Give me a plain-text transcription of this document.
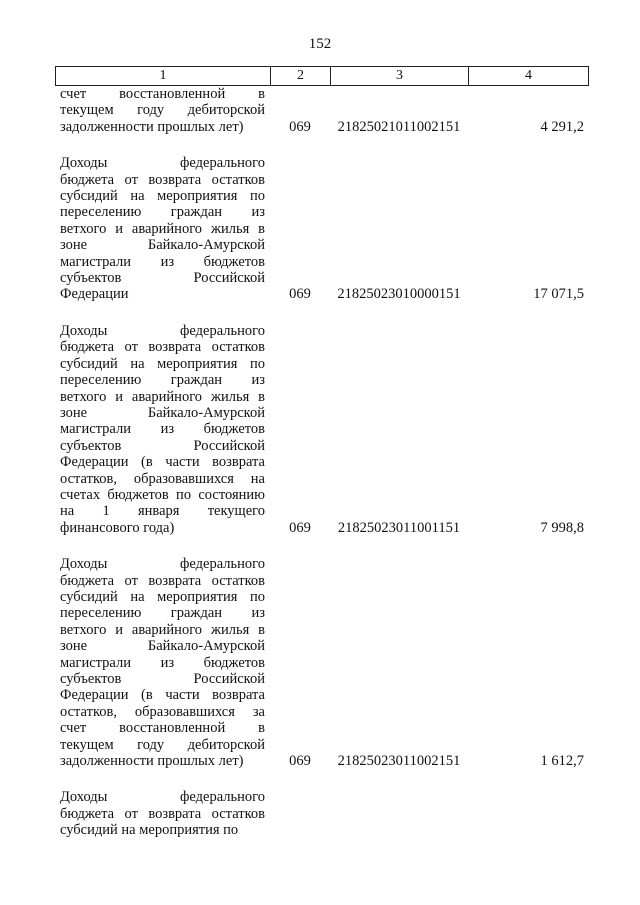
152
1	2	3	4
счет восстановленной в
текущем году дебиторской
задолженности прошлых лет)	069	21825021011002151	4 291,2
Доходы федерального
бюджета от возврата остатков
субсидий на мероприятия по
переселению граждан из
ветхого и аварийного жилья в
зоне Байкало-Амурской
магистрали из бюджетов
субъектов Российской
Федерации	069	21825023010000151	17 071,5
Доходы федерального
бюджета от возврата остатков
субсидий на мероприятия по
переселению граждан из
ветхого и аварийного жилья в
зоне Байкало-Амурской
магистрали из бюджетов
субъектов Российской
Федерации (в части возврата
остатков, образовавшихся на
счетах бюджетов по состоянию
на 1 января текущего
финансового года)	069	21825023011001151	7 998,8
Доходы федерального
бюджета от возврата остатков
субсидий на мероприятия по
переселению граждан из
ветхого и аварийного жилья в
зоне Байкало-Амурской
магистрали из бюджетов
субъектов Российской
Федерации (в части возврата
остатков, образовавшихся за
счет восстановленной в
текущем году дебиторской
задолженности прошлых лет)	069	21825023011002151	1 612,7
Доходы федерального
бюджета от возврата остатков
субсидий на мероприятия по
